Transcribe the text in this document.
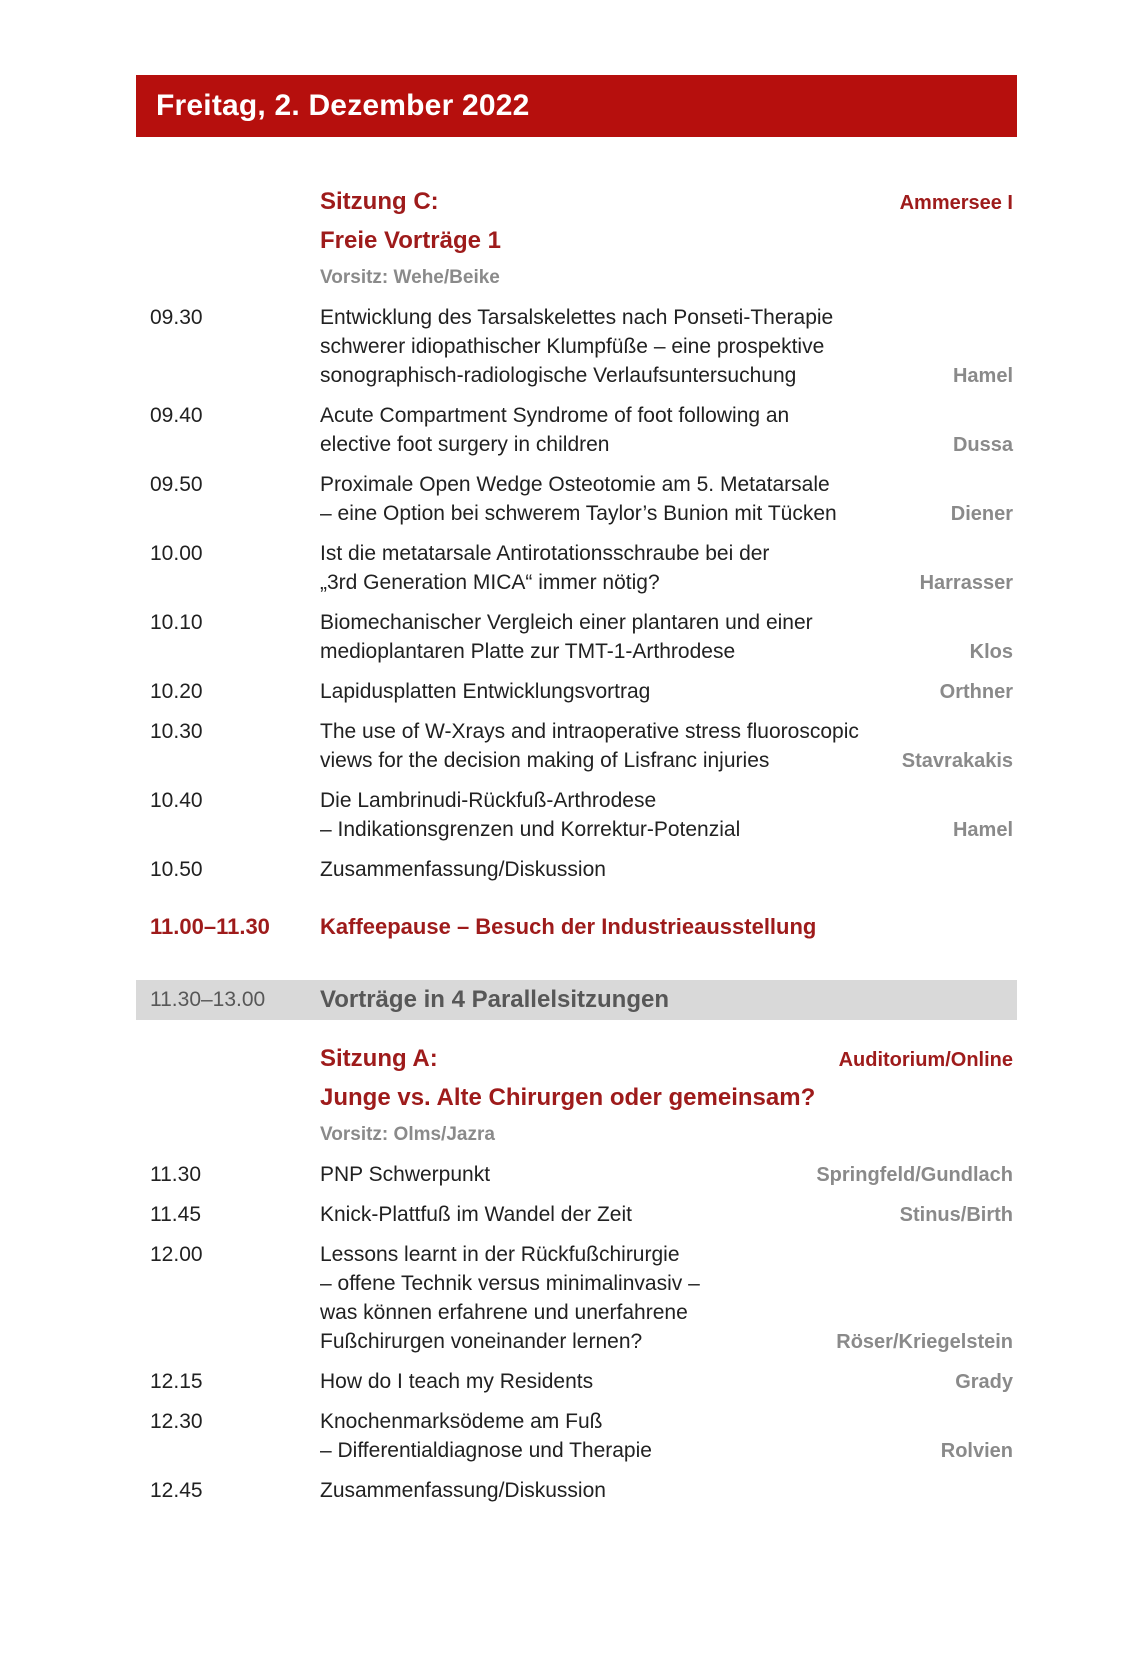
Freitag, 2. Dezember 2022
Sitzung C:	Ammersee I
Freie Vorträge 1
Vorsitz: Wehe/Beike
09.30	Entwicklung des Tarsalskelettes nach Ponseti-Therapie
schwerer idiopathischer Klumpfüße – eine prospektive
sonographisch-radiologische Verlaufsuntersuchung	Hamel
09.40	Acute Compartment Syndrome of foot following an
elective foot surgery in children	Dussa
09.50	Proximale Open Wedge Osteotomie am 5. Metatarsale
– eine Option bei schwerem Taylor’s Bunion mit Tücken	Diener
10.00	Ist die metatarsale Antirotationsschraube bei der
„3rd Generation MICA“ immer nötig?	Harrasser
10.10	Biomechanischer Vergleich einer plantaren und einer
medioplantaren Platte zur TMT-1-Arthrodese	Klos
10.20	Lapidusplatten Entwicklungsvortrag	Orthner
10.30	The use of W-Xrays and intraoperative stress fluoroscopic
views for the decision making of Lisfranc injuries	Stavrakakis
10.40	Die Lambrinudi-Rückfuß-Arthrodese
– Indikationsgrenzen und Korrektur-Potenzial	Hamel
10.50	Zusammenfassung/Diskussion
11.00–11.30	Kaffeepause – Besuch der Industrieausstellung
11.30–13.00	Vorträge in 4 Parallelsitzungen
Sitzung A:	Auditorium/Online
Junge vs. Alte Chirurgen oder gemeinsam?
Vorsitz: Olms/Jazra
11.30	PNP Schwerpunkt	Springfeld/Gundlach
11.45	Knick-Plattfuß im Wandel der Zeit	Stinus/Birth
12.00	Lessons learnt in der Rückfußchirurgie
– offene Technik versus minimalinvasiv –
was können erfahrene und unerfahrene
Fußchirurgen voneinander lernen?	Röser/Kriegelstein
12.15	How do I teach my Residents	Grady
12.30	Knochenmarksödeme am Fuß
– Differentialdiagnose und Therapie	Rolvien
12.45	Zusammenfassung/Diskussion
